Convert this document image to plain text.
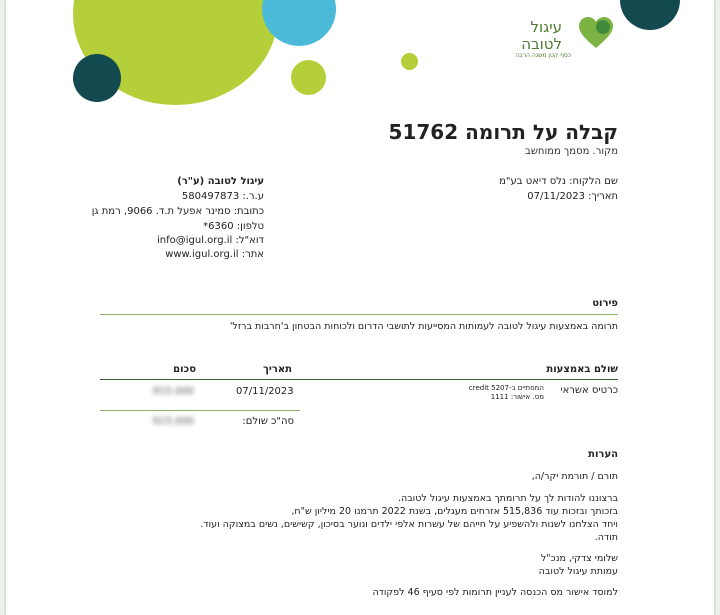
עיגול לטובה
כסף קטן משנה הרבה
קבלה על תרומה 51762
מקור. מסמך ממוחשב
שם הלקוח: נלס דיאט בע"מ
תאריך: 07/11/2023
עיגול לטובה (ע"ר)
ע.ר.: 580497873
כתובת: סמינר אפעל ת.ד. 9066, רמת גן
טלפון: 6360*
דוא"ל: info@igul.org.il
אתר: www.igul.org.il
פירוט
תרומה באמצעות עיגול לטובה לעמותות המסייעות לתושבי הדרום ולכוחות הבטחון ב'חרבות ברזל'
שולם באמצעות
תאריך
סכום
כרטיס אשראי
credit המסתיים ב-5207
מס. אישור: 1111
07/11/2023
915.000
סה"כ שולם:
915.000
הערות
תורם / תורמת יקר/ה,
ברצוננו להודות לך על תרומתך באמצעות עיגול לטובה.
בזכותך ובזכות עוד 515,836 אזרחים מעגלים, בשנת 2022 תרמנו 20 מיליון ש"ח,
ויחד הצלחנו לשנות ולהשפיע על חייהם של עשרות אלפי ילדים ונוער בסיכון, קשישים, נשים במצוקה ועוד.
תודה.
שלומי צדקי, מנכ"ל
עמותת עיגול לטובה
למוסד אישור מס הכנסה לעניין תרומות לפי סעיף 46 לפקודה
